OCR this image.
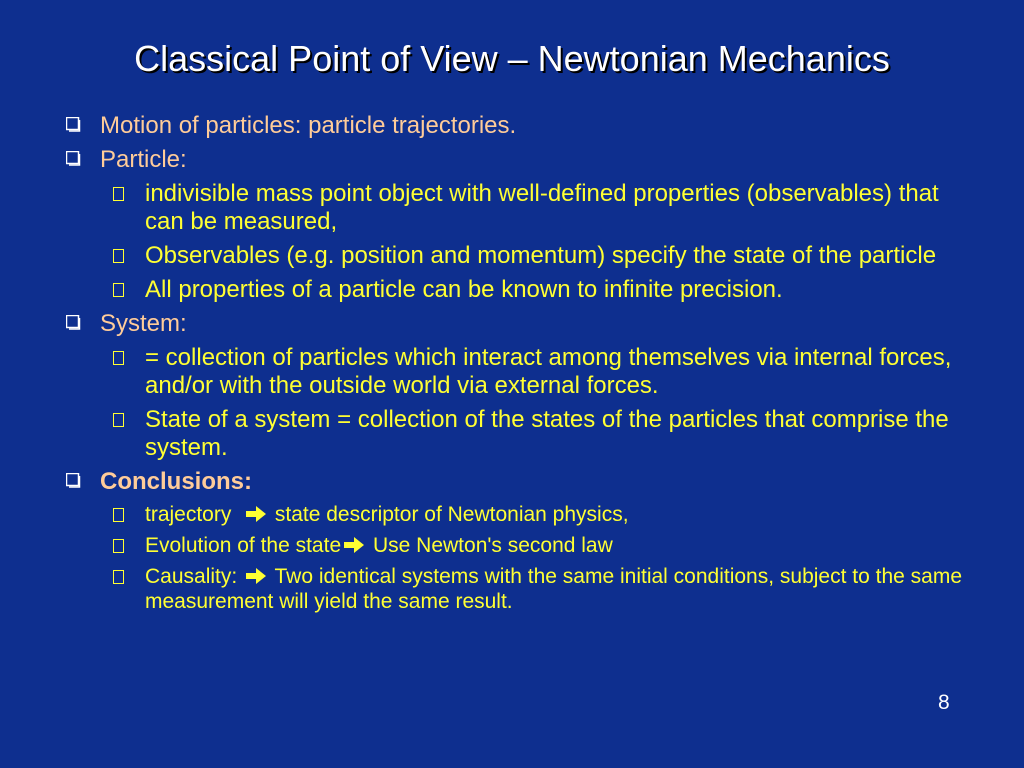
Classical Point of View – Newtonian Mechanics
Motion of particles: particle trajectories.
Particle:
indivisible mass point object with well-defined properties (observables) that can be measured,
Observables (e.g. position and momentum) specify the state of the particle
All properties of a particle can be known to infinite precision.
System:
= collection of particles which interact among themselves via internal forces, and/or with the outside world via external forces.
State of a system = collection of the states of the particles that comprise the system.
Conclusions:
trajectory state descriptor of Newtonian physics,
Evolution of the state Use Newton's second law
Causality: Two identical systems with the same initial conditions, subject to the same measurement will yield the same result.
8
